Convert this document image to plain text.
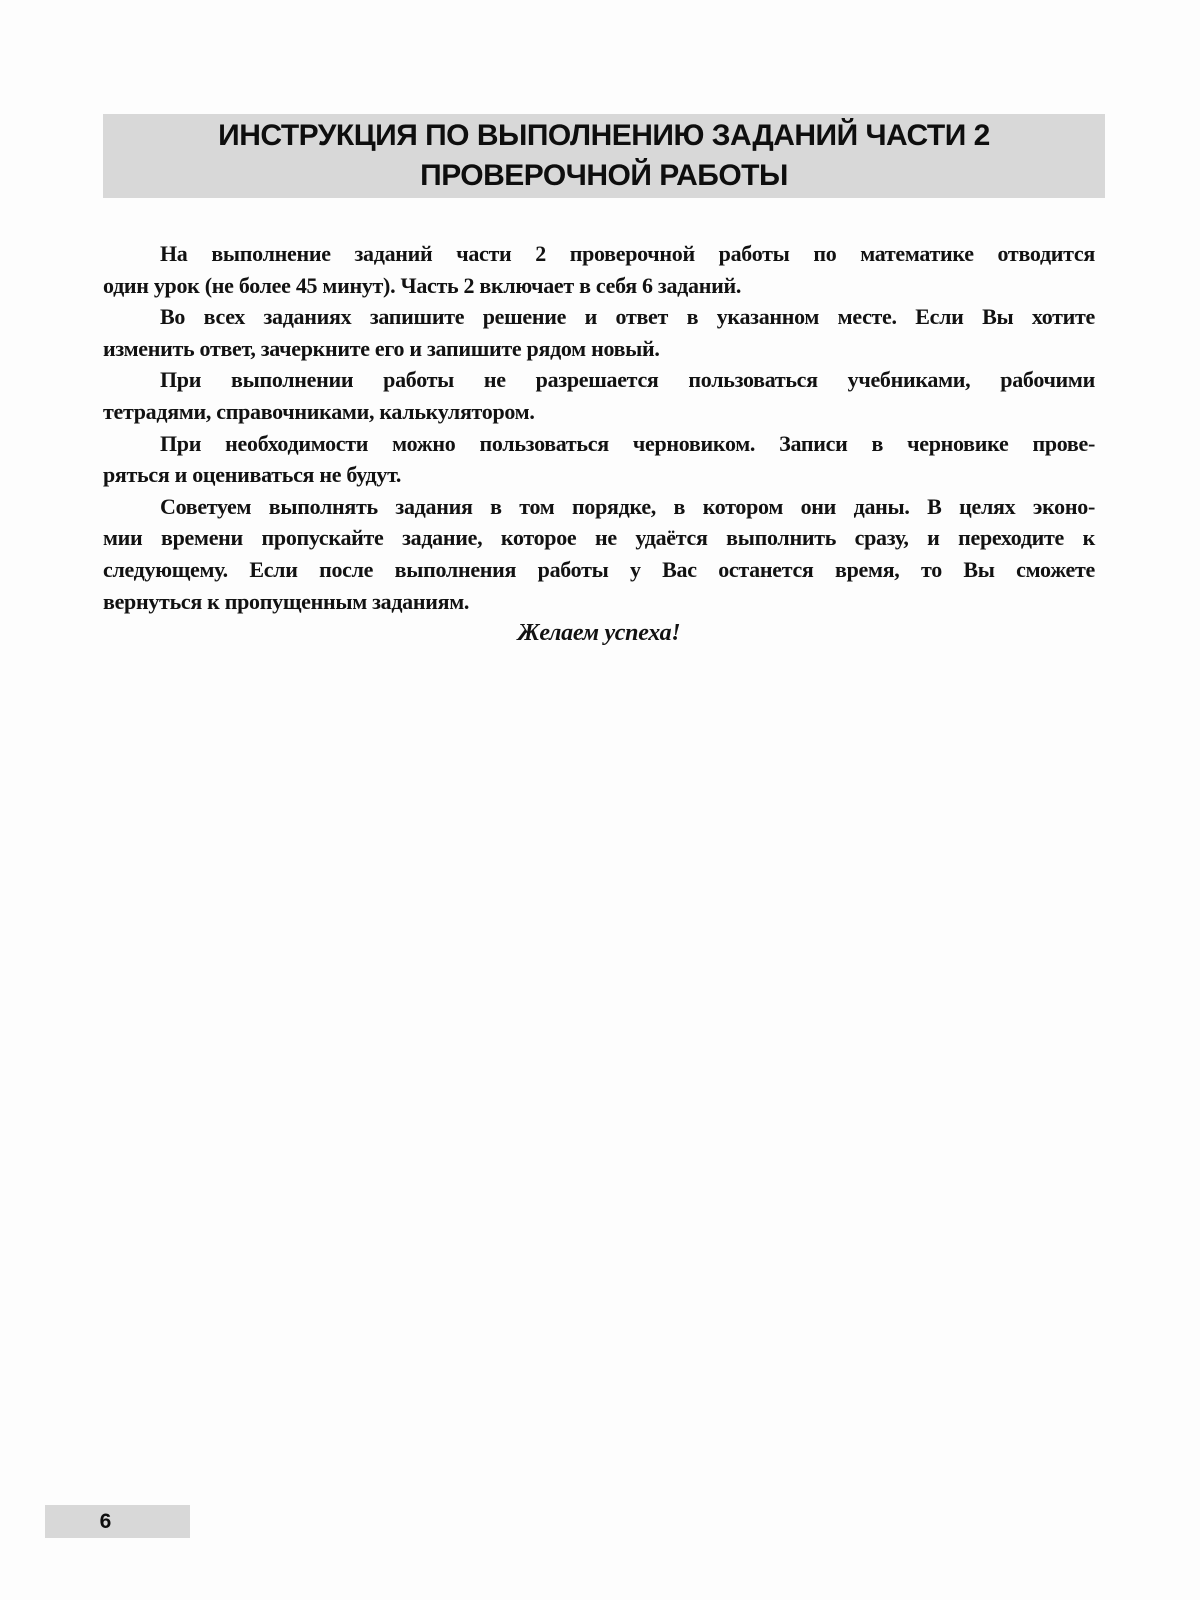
ИНСТРУКЦИЯ ПО ВЫПОЛНЕНИЮ ЗАДАНИЙ ЧАСТИ 2
ПРОВЕРОЧНОЙ РАБОТЫ
На выполнение заданий части 2 проверочной работы по математике отводится
один урок (не более 45 минут). Часть 2 включает в себя 6 заданий.
Во всех заданиях запишите решение и ответ в указанном месте. Если Вы хотите
изменить ответ, зачеркните его и запишите рядом новый.
При выполнении работы не разрешается пользоваться учебниками, рабочими
тетрадями, справочниками, калькулятором.
При необходимости можно пользоваться черновиком. Записи в черновике прове-
ряться и оцениваться не будут.
Советуем выполнять задания в том порядке, в котором они даны. В целях эконо-
мии времени пропускайте задание, которое не удаётся выполнить сразу, и переходите к
следующему. Если после выполнения работы у Вас останется время, то Вы сможете
вернуться к пропущенным заданиям.
Желаем успеха!
6
